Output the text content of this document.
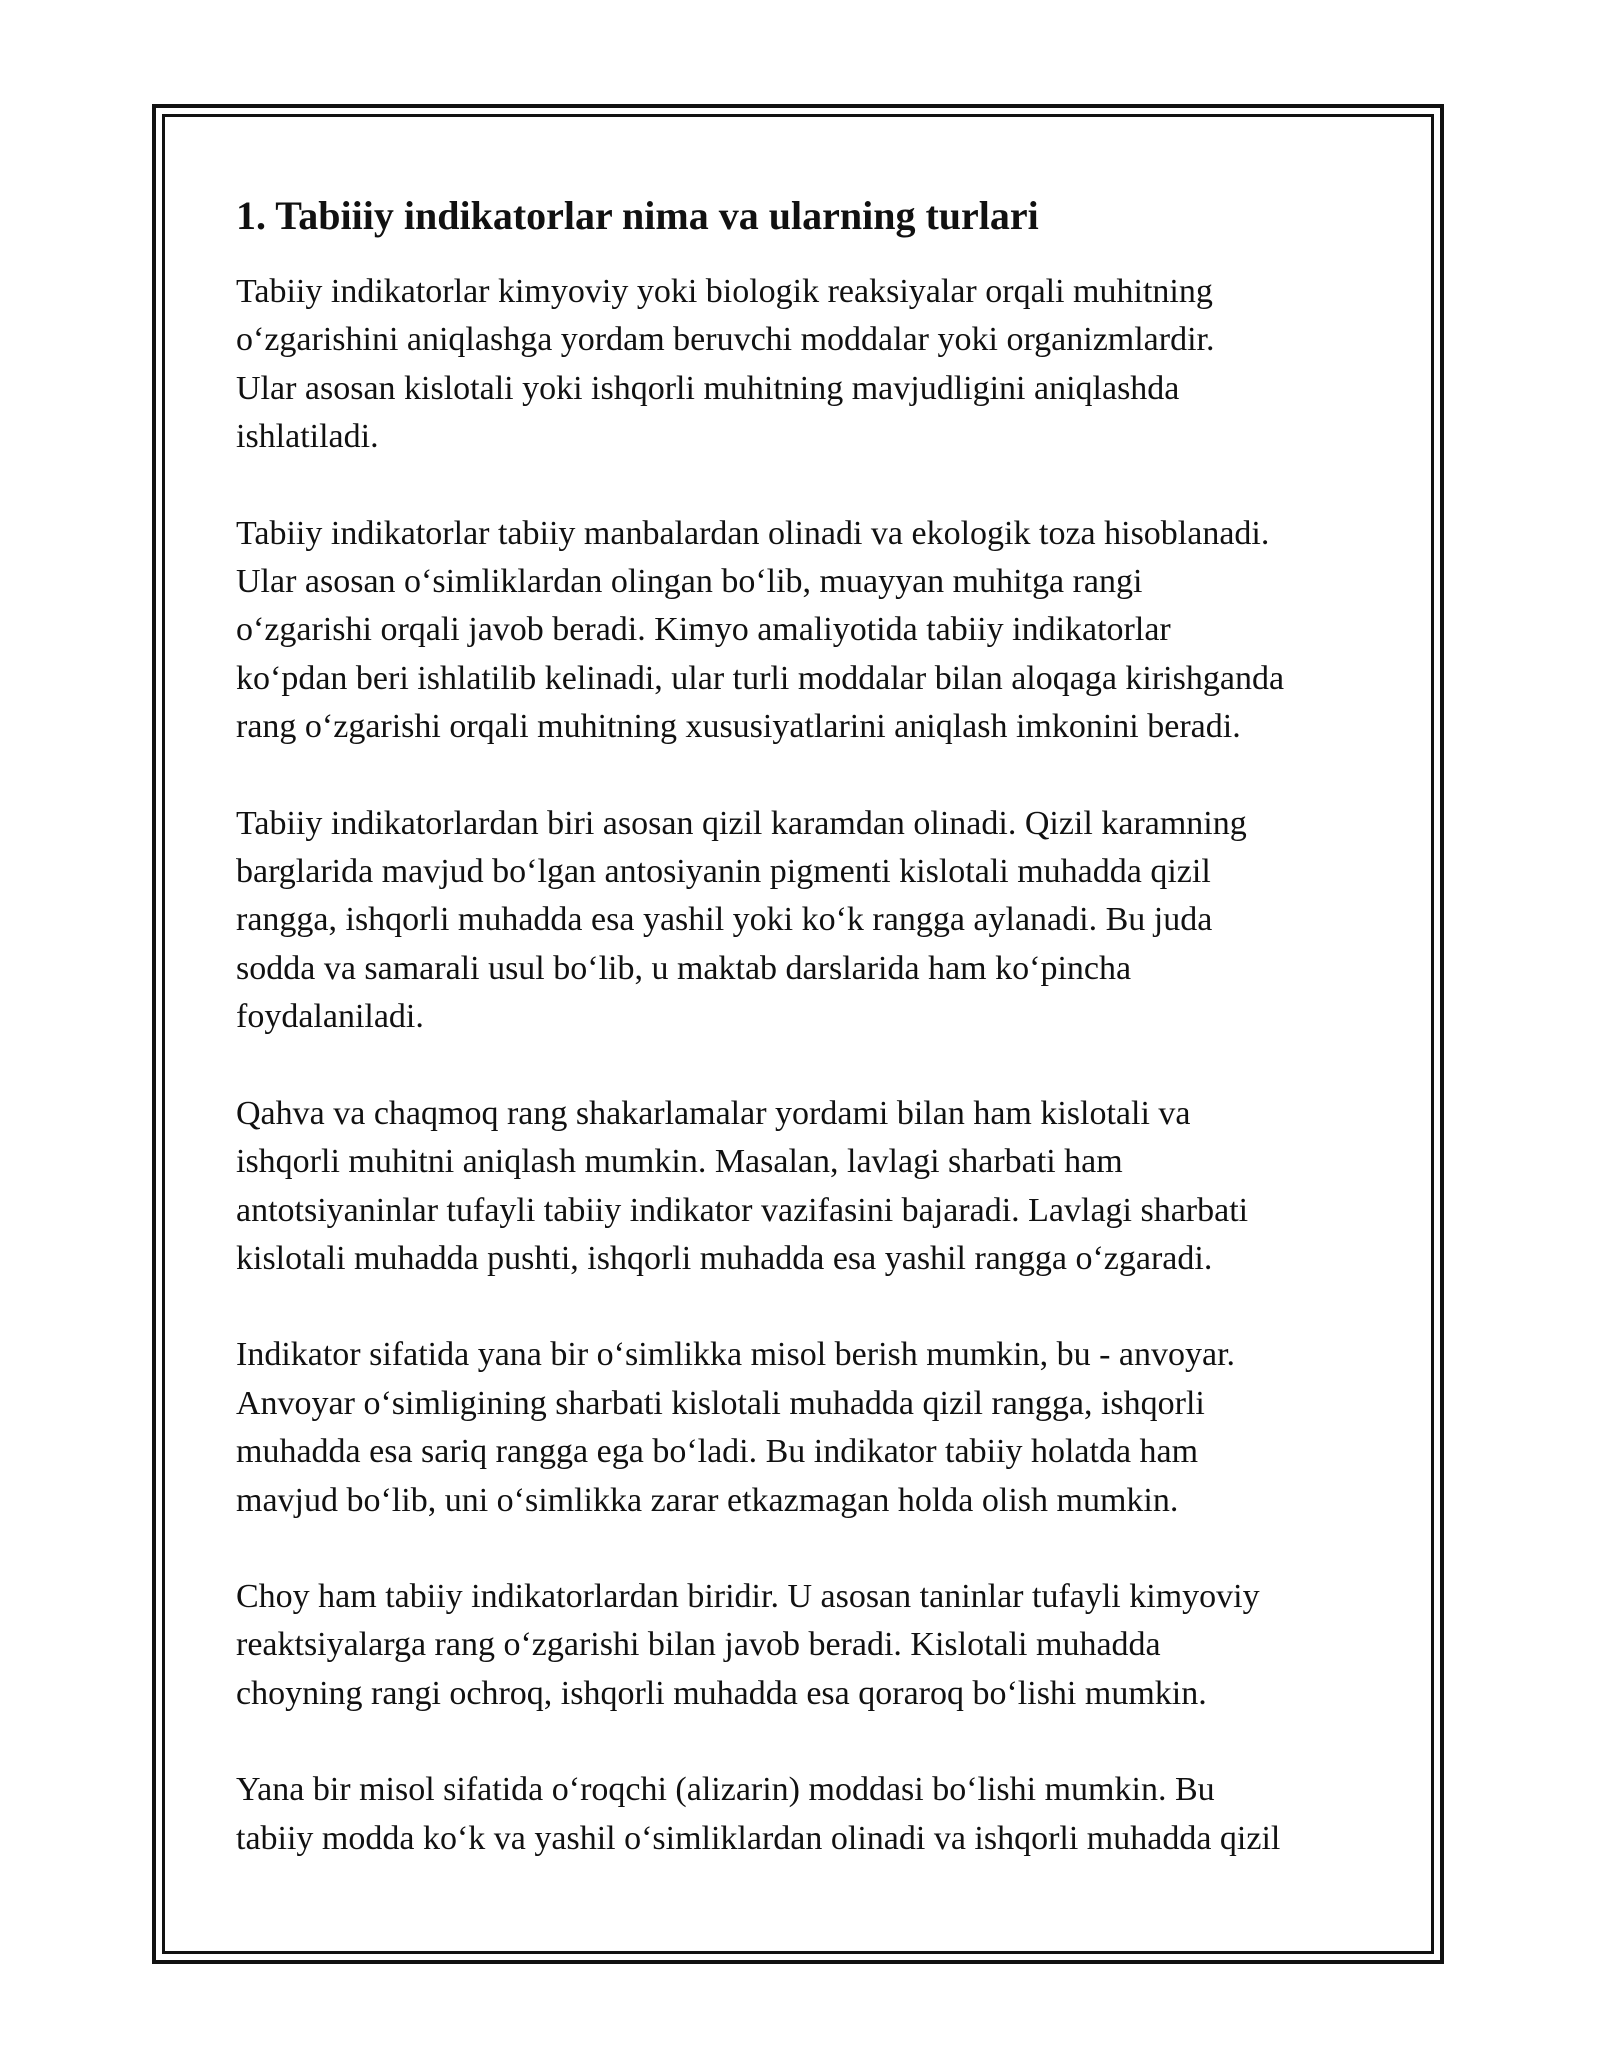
1. Tabiiiy indikatorlar nima va ularning turlari

Tabiiy indikatorlar kimyoviy yoki biologik reaksiyalar orqali muhitning
o‘zgarishini aniqlashga yordam beruvchi moddalar yoki organizmlardir.
Ular asosan kislotali yoki ishqorli muhitning mavjudligini aniqlashda
ishlatiladi.

Tabiiy indikatorlar tabiiy manbalardan olinadi va ekologik toza hisoblanadi.
Ular asosan o‘simliklardan olingan bo‘lib, muayyan muhitga rangi
o‘zgarishi orqali javob beradi. Kimyo amaliyotida tabiiy indikatorlar
ko‘pdan beri ishlatilib kelinadi, ular turli moddalar bilan aloqaga kirishganda
rang o‘zgarishi orqali muhitning xususiyatlarini aniqlash imkonini beradi.

Tabiiy indikatorlardan biri asosan qizil karamdan olinadi. Qizil karamning
barglarida mavjud bo‘lgan antosiyanin pigmenti kislotali muhadda qizil
rangga, ishqorli muhadda esa yashil yoki ko‘k rangga aylanadi. Bu juda
sodda va samarali usul bo‘lib, u maktab darslarida ham ko‘pincha
foydalaniladi.

Qahva va chaqmoq rang shakarlamalar yordami bilan ham kislotali va
ishqorli muhitni aniqlash mumkin. Masalan, lavlagi sharbati ham
antotsiyaninlar tufayli tabiiy indikator vazifasini bajaradi. Lavlagi sharbati
kislotali muhadda pushti, ishqorli muhadda esa yashil rangga o‘zgaradi.

Indikator sifatida yana bir o‘simlikka misol berish mumkin, bu - anvoyar.
Anvoyar o‘simligining sharbati kislotali muhadda qizil rangga, ishqorli
muhadda esa sariq rangga ega bo‘ladi. Bu indikator tabiiy holatda ham
mavjud bo‘lib, uni o‘simlikka zarar etkazmagan holda olish mumkin.

Choy ham tabiiy indikatorlardan biridir. U asosan taninlar tufayli kimyoviy
reaktsiyalarga rang o‘zgarishi bilan javob beradi. Kislotali muhadda
choyning rangi ochroq, ishqorli muhadda esa qoraroq bo‘lishi mumkin.

Yana bir misol sifatida o‘roqchi (alizarin) moddasi bo‘lishi mumkin. Bu
tabiiy modda ko‘k va yashil o‘simliklardan olinadi va ishqorli muhadda qizil
